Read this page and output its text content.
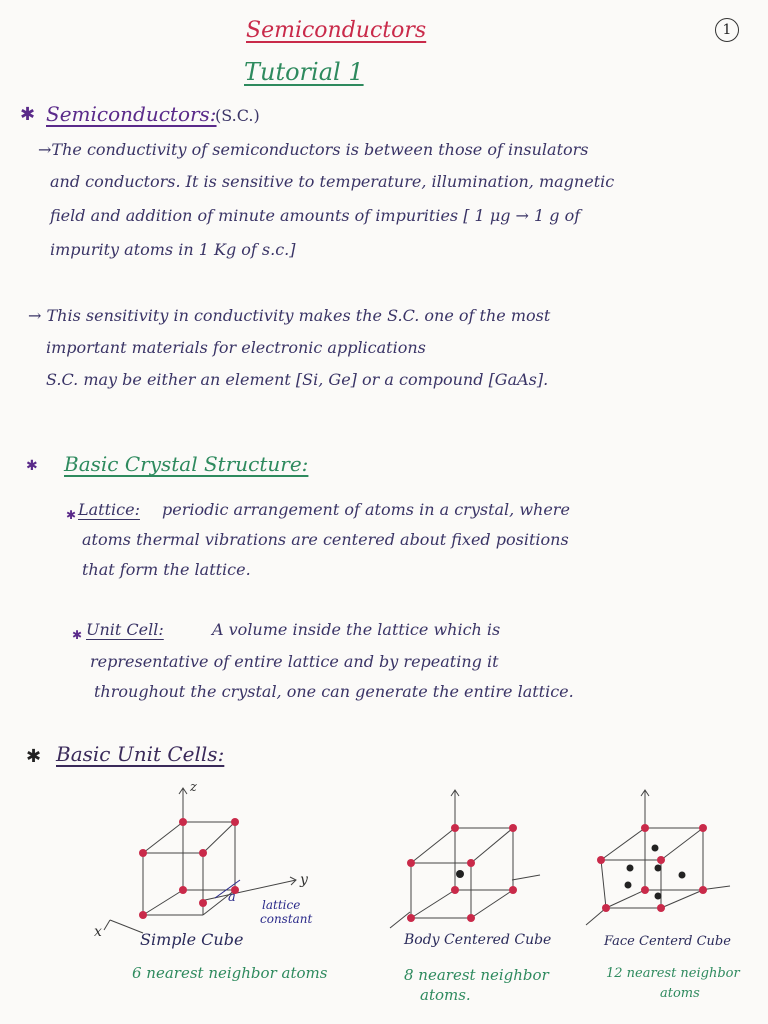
Semiconductors
Tutorial 1
1
✱ Semiconductors:
(S.C.)
→The conductivity of semiconductors is between those of insulators
and conductors. It is sensitive to temperature, illumination, magnetic
field and addition of minute amounts of impurities [ 1 μg → 1 g of
impurity atoms in 1 Kg of s.c.]
→ This sensitivity in conductivity makes the S.C. one of the most
important materials for electronic applications
S.C. may be either an element [Si, Ge] or a compound [GaAs].
✱ Basic Crystal Structure:
✱ Lattice: periodic arrangement of atoms in a crystal, where
atoms thermal vibrations are centered about fixed positions
that form the lattice.
✱ Unit Cell:	A volume inside the lattice which is
representative of entire lattice and by repeating it
throughout the crystal, one can generate the entire lattice.
✱ Basic Unit Cells:
z
y
x
a lattice
constant
Simple Cube
6 nearest neighbor atoms
Body Centered Cube
8 nearest neighbor
atoms.
Face Centerd Cube
12 nearest neighbor
atoms
